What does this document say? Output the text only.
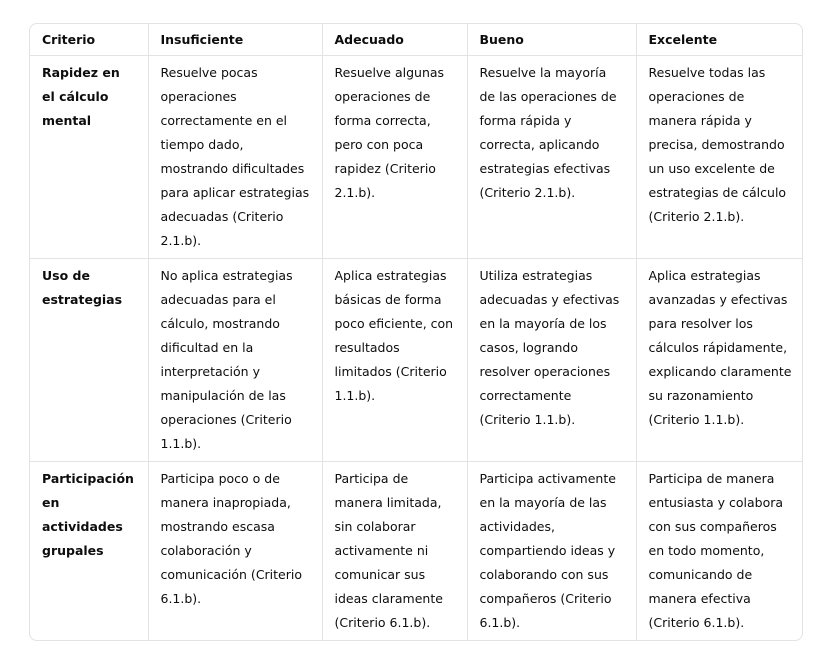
Criterio	Insuficiente	Adecuado	Bueno	Excelente
Rapidez en el cálculo mental	Resuelve pocas operaciones correctamente en el tiempo dado, mostrando dificultades para aplicar estrategias adecuadas (Criterio 2.1.b).	Resuelve algunas operaciones de forma correcta, pero con poca rapidez (Criterio 2.1.b).	Resuelve la mayoría de las operaciones de forma rápida y correcta, aplicando estrategias efectivas (Criterio 2.1.b).	Resuelve todas las operaciones de manera rápida y precisa, demostrando un uso excelente de estrategias de cálculo (Criterio 2.1.b).
Uso de estrategias	No aplica estrategias adecuadas para el cálculo, mostrando dificultad en la interpretación y manipulación de las operaciones (Criterio 1.1.b).	Aplica estrategias básicas de forma poco eficiente, con resultados limitados (Criterio 1.1.b).	Utiliza estrategias adecuadas y efectivas en la mayoría de los casos, logrando resolver operaciones correctamente (Criterio 1.1.b).	Aplica estrategias avanzadas y efectivas para resolver los cálculos rápidamente, explicando claramente su razonamiento (Criterio 1.1.b).
Participación en actividades grupales	Participa poco o de manera inapropiada, mostrando escasa colaboración y comunicación (Criterio 6.1.b).	Participa de manera limitada, sin colaborar activamente ni comunicar sus ideas claramente (Criterio 6.1.b).	Participa activamente en la mayoría de las actividades, compartiendo ideas y colaborando con sus compañeros (Criterio 6.1.b).	Participa de manera entusiasta y colabora con sus compañeros en todo momento, comunicando de manera efectiva (Criterio 6.1.b).
